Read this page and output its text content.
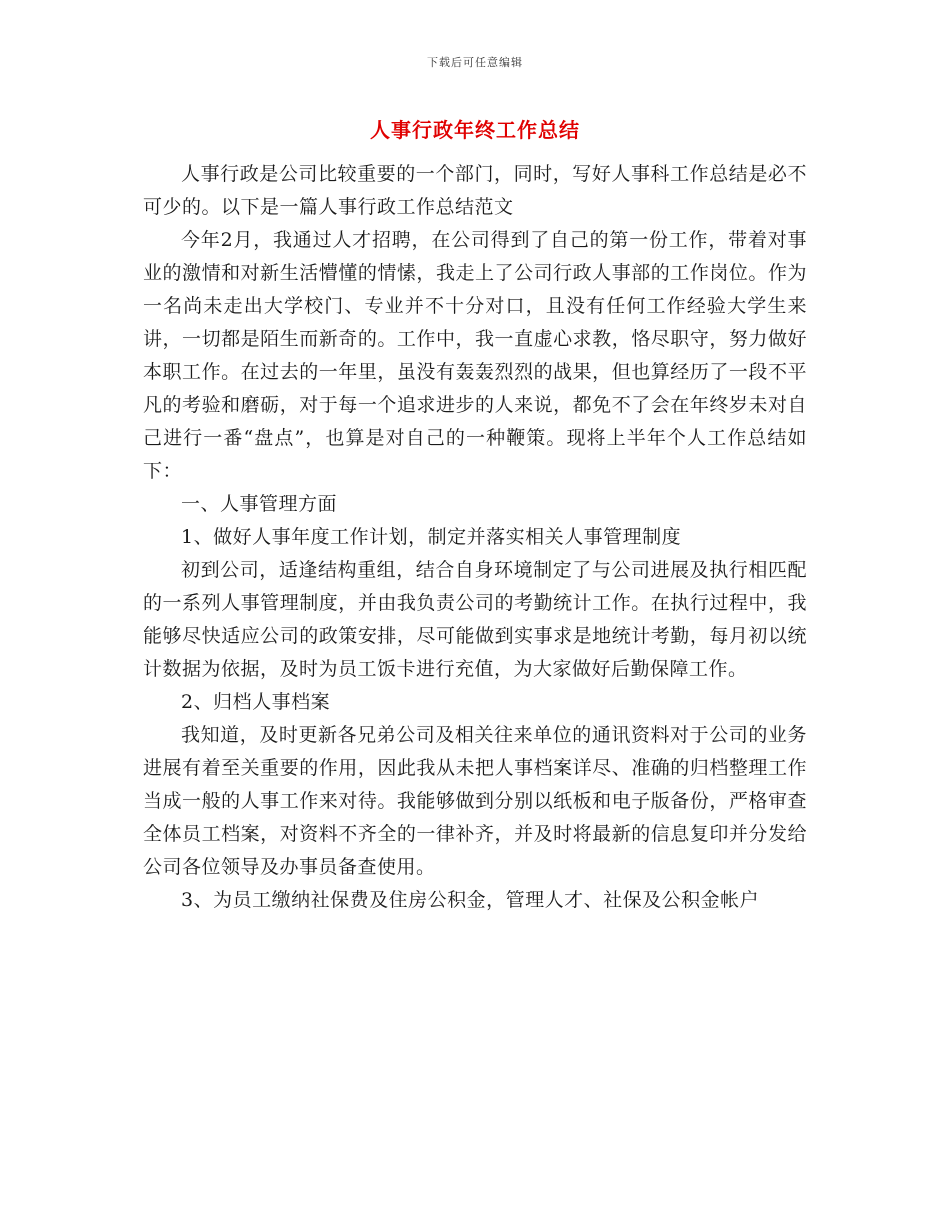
下载后可任意编辑
人事行政年终工作总结

人事行政是公司比较重要的一个部门，同时，写好人事科工作总结是必不可少的。以下是一篇人事行政工作总结范文

今年2月，我通过人才招聘，在公司得到了自己的第一份工作，带着对事业的激情和对新生活懵懂的情愫，我走上了公司行政人事部的工作岗位。作为一名尚未走出大学校门、专业并不十分对口，且没有任何工作经验大学生来讲，一切都是陌生而新奇的。工作中，我一直虚心求教，恪尽职守，努力做好本职工作。在过去的一年里，虽没有轰轰烈烈的战果，但也算经历了一段不平凡的考验和磨砺，对于每一个追求进步的人来说，都免不了会在年终岁未对自己进行一番“盘点”，也算是对自己的一种鞭策。现将上半年个人工作总结如下：

一、人事管理方面

1、做好人事年度工作计划，制定并落实相关人事管理制度

初到公司，适逢结构重组，结合自身环境制定了与公司进展及执行相匹配的一系列人事管理制度，并由我负责公司的考勤统计工作。在执行过程中，我能够尽快适应公司的政策安排，尽可能做到实事求是地统计考勤，每月初以统计数据为依据，及时为员工饭卡进行充值，为大家做好后勤保障工作。

2、归档人事档案

我知道，及时更新各兄弟公司及相关往来单位的通讯资料对于公司的业务进展有着至关重要的作用，因此我从未把人事档案详尽、准确的归档整理工作当成一般的人事工作来对待。我能够做到分别以纸板和电子版备份，严格审查全体员工档案，对资料不齐全的一律补齐，并及时将最新的信息复印并分发给公司各位领导及办事员备查使用。

3、为员工缴纳社保费及住房公积金，管理人才、社保及公积金帐户
